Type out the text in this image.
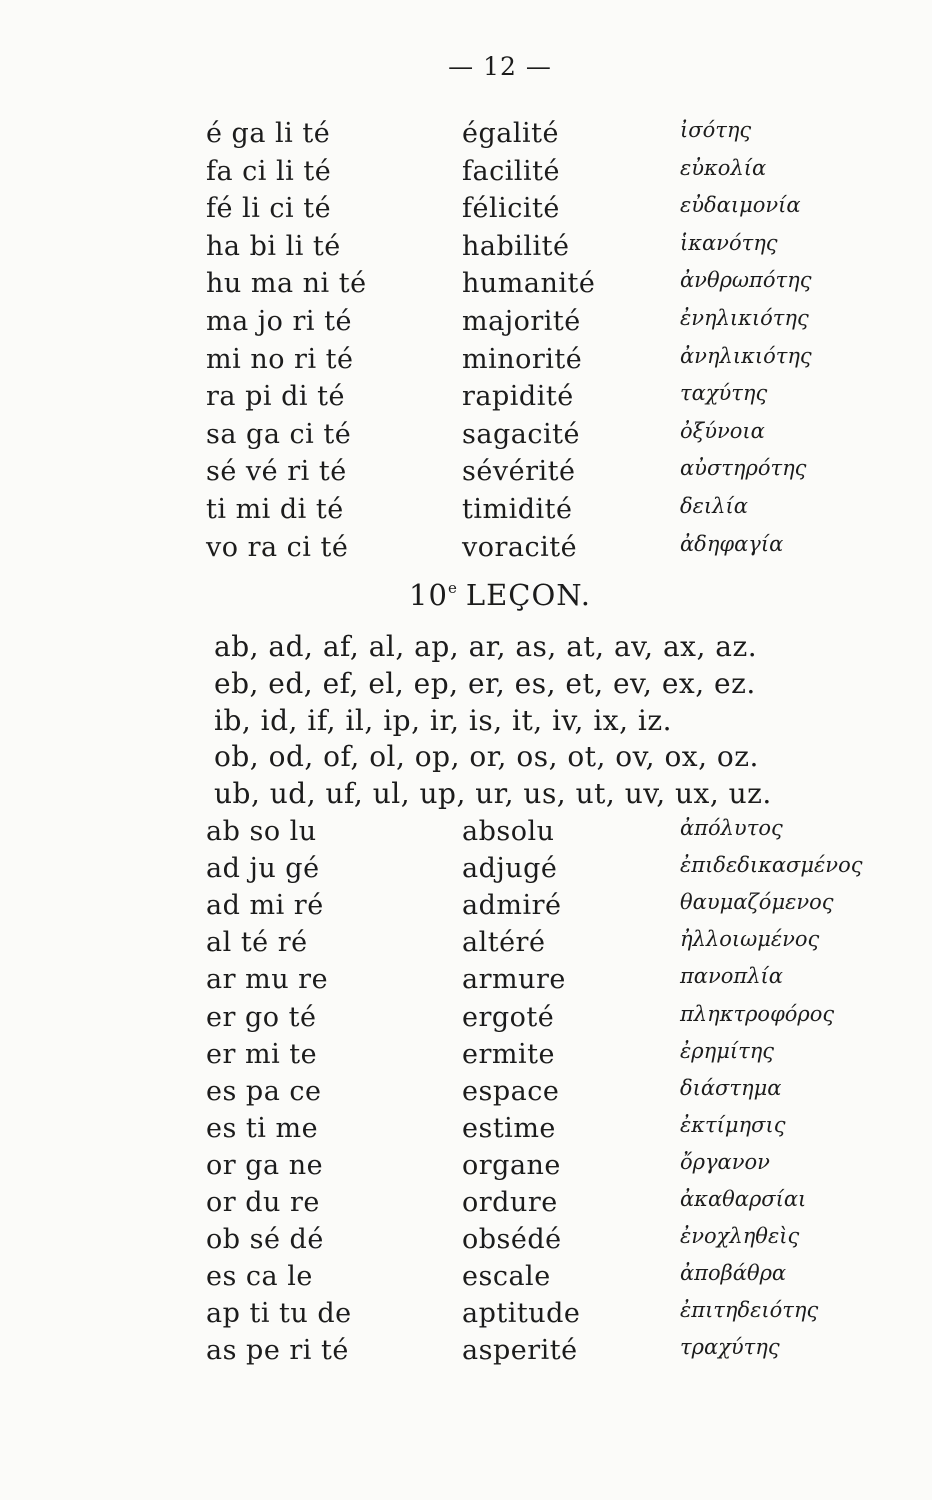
— 12 —
é ga li té	égalité	ἰσότης
fa ci li té	facilité	εὐκολία
fé li ci té	félicité	εὐδαιμονία
ha bi li té	habilité	ἱκανότης
hu ma ni té	humanité	ἀνθρωπότης
ma jo ri té	majorité	ἐνηλικιότης
mi no ri té	minorité	ἀνηλικιότης
ra pi di té	rapidité	ταχύτης
sa ga ci té	sagacité	ὀξύνοια
sé vé ri té	sévérité	αὐστηρότης
ti mi di té	timidité	δειλία
vo ra ci té	voracité	ἀδηφαγία
10e LEÇON.
ab, ad, af, al, ap, ar, as, at, av, ax, az.
eb, ed, ef, el, ep, er, es, et, ev, ex, ez.
ib, id, if, il, ip, ir, is, it, iv, ix, iz.
ob, od, of, ol, op, or, os, ot, ov, ox, oz.
ub, ud, uf, ul, up, ur, us, ut, uv, ux, uz.
ab so lu	absolu	ἀπόλυτος
ad ju gé	adjugé	ἐπιδεδικασμένος
ad mi ré	admiré	θαυμαζόμενος
al té ré	altéré	ἠλλοιωμένος
ar mu re	armure	πανοπλία
er go té	ergoté	πληκτροφόρος
er mi te	ermite	ἐρημίτης
es pa ce	espace	διάστημα
es ti me	estime	ἐκτίμησις
or ga ne	organe	ὄργανον
or du re	ordure	ἀκαθαρσίαι
ob sé dé	obsédé	ἐνοχληθεὶς
es ca le	escale	ἀποβάθρα
ap ti tu de	aptitude	ἐπιτηδειότης
as pe ri té	asperité	τραχύτης
